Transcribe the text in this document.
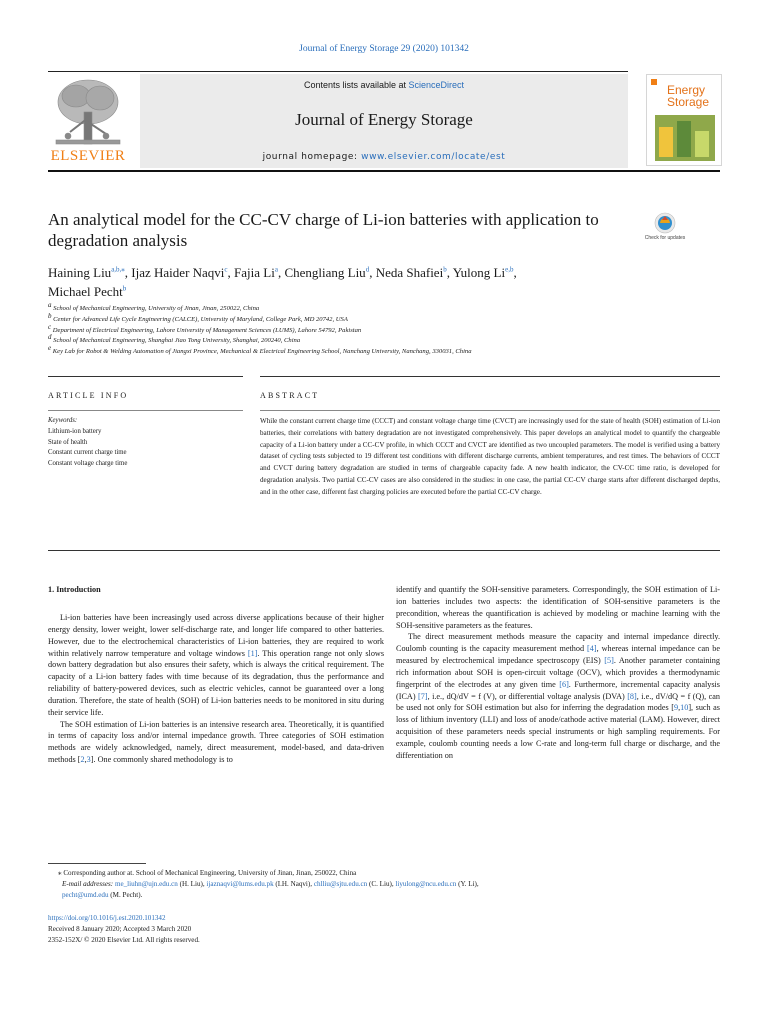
Journal of Energy Storage 29 (2020) 101342
ELSEVIER
Contents lists available at ScienceDirect
Journal of Energy Storage
journal homepage: www.elsevier.com/locate/est
Energy
Storage
An analytical model for the CC-CV charge of Li-ion batteries with application to degradation analysis	Check for updates
Haining Liu$^{a,b,⁎}$, Ijaz Haider Naqvi$^c$, Fajia Li$^a$, Chengliang Liu$^d$, Neda Shafiei$^b$, Yulong Li$^{e,b}$,
Michael Pecht$^b$
$^a$ School of Mechanical Engineering, University of Jinan, Jinan, 250022, China
$^b$ Center for Advanced Life Cycle Engineering (CALCE), University of Maryland, College Park, MD 20742, USA
$^c$ Department of Electrical Engineering, Lahore University of Management Sciences (LUMS), Lahore 54792, Pakistan
$^d$ School of Mechanical Engineering, Shanghai Jiao Tong University, Shanghai, 200240, China
$^e$ Key Lab for Robot & Welding Automation of Jiangxi Province, Mechanical & Electrical Engineering School, Nanchang University, Nanchang, 330031, China
ARTICLE INFO	ABSTRACT
Keywords:
Lithium-ion battery
State of health
Constant current charge time
Constant voltage charge time
While the constant current charge time (CCCT) and constant voltage charge time (CVCT) are increasingly used for the state of health (SOH) estimation of Li-ion batteries, their correlations with battery degradation are not investigated comprehensively. This paper develops an analytical model to quantify the chargeable capacity of a Li-ion battery under a CC-CV profile, in which CCCT and CVCT are identified as two uncoupled parameters. The model is verified using a battery dataset of cycling tests subjected to 19 different test conditions with different discharge currents, ambient temperatures, and rest times. The behaviors of CCCT and CVCT during battery degradation are studied in terms of chargeable capacity fade. A new health indicator, the CV-CC time ratio, is developed for degradation analysis. Two partial CC-CV cases are also considered in the studies: in one case, the partial CC-CV charge starts after different discharged depths, and in the other case, different fast charging policies are executed before the partial CC-CV charge.
1. Introduction

Li-ion batteries have been increasingly used across diverse applications because of their higher energy density, lower weight, lower self-discharge rate, and longer life compared to other batteries. However, due to the electrochemical characteristics of Li-ion batteries, they are required to work within relatively narrow temperature and voltage windows [1]. This operation range not only slows down battery degradation but also ensures their safety, which is always the critical requirement. The capacity of a Li-ion battery fades with time because of its degradation, thus the performance and reliability of battery-powered devices, such as electric vehicles, cannot be guaranteed over a long duration. Therefore, the state of health (SOH) of Li-ion batteries needs to be monitored in situ during their service life.

The SOH estimation of Li-ion batteries is an intensive research area. Theoretically, it is quantified in terms of capacity loss and/or internal impedance growth. Three categories of SOH estimation methods are widely acknowledged, namely, direct measurement, model-based, and data-driven methods [2,3]. One commonly shared methodology is to

identify and quantify the SOH-sensitive parameters. Correspondingly, the SOH estimation of Li-ion batteries includes two aspects: the identification of SOH-sensitive parameters is the precondition, whereas the quantification is achieved by modeling or machine learning with the SOH-sensitive parameters as the features.

The direct measurement methods measure the capacity and internal impedance directly. Coulomb counting is the capacity measurement method [4], whereas internal impedance can be measured by electrochemical impedance spectroscopy (EIS) [5]. Another parameter containing rich information about SOH is open-circuit voltage (OCV), which provides a thermodynamic fingerprint of the electrodes at any given time [6]. Furthermore, incremental capacity analysis (ICA) [7], i.e., dQ/dV = f (V), or differential voltage analysis (DVA) [8], i.e., dV/dQ = f (Q), can be used not only for SOH estimation but also for inferring the degradation modes [9,10], such as loss of lithium inventory (LLI) and loss of anode/cathode active material (LAM). However, direct acquisition of these parameters needs special instruments or high sampling requirements. For example, coulomb counting needs a low C-rate and long-term full charge or discharge, and the differentiation on

⁎ Corresponding author at. School of Mechanical Engineering, University of Jinan, Jinan, 250022, China
E-mail addresses: me_liuhn@ujn.edu.cn (H. Liu), ijaznaqvi@lums.edu.pk (I.H. Naqvi), chlliu@sjtu.edu.cn (C. Liu), liyulong@ncu.edu.cn (Y. Li),
pecht@umd.edu (M. Pecht).
https://doi.org/10.1016/j.est.2020.101342
Received 8 January 2020; Accepted 3 March 2020
2352-152X/ © 2020 Elsevier Ltd. All rights reserved.
